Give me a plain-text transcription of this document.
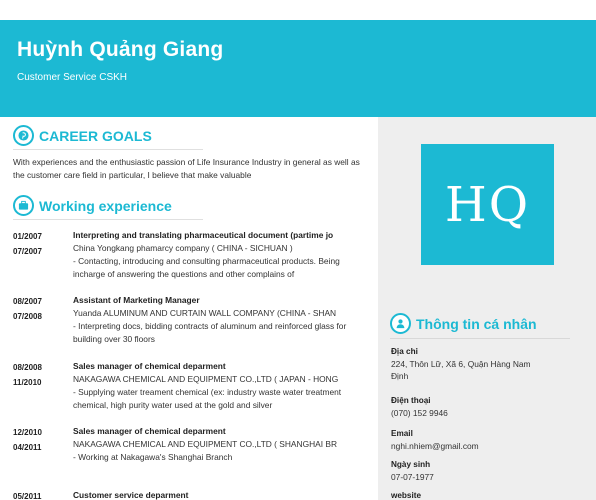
Huỳnh Quảng Giang
Customer Service CSKH
HQ
CAREER GOALS
With experiences and the enthusiastic passion of Life Insurance Industry in general as well as the customer care field in particular, I believe that make valuable
Working experience
01/2007
07/2007
Interpreting and translating pharmaceutical document (partime jo
China Yongkang phamarcy company ( CHINA - SICHUAN )
- Contacting, introducing and consulting pharmaceutical products. Being incharge of answering the questions and other complains of
08/2007
07/2008
Assistant of Marketing Manager
Yuanda ALUMINUM AND CURTAIN WALL COMPANY (CHINA - SHAN
- Interpreting docs, bidding contracts of aluminum and reinforced glass for building over 30 floors
08/2008
11/2010
Sales manager of chemical deparment
NAKAGAWA CHEMICAL AND EQUIPMENT CO.,LTD ( JAPAN - HONG
- Supplying water treament chemical (ex: industry waste water treatment chemical, high purity water used at the gold and silver
12/2010
04/2011
Sales manager of chemical deparment
NAKAGAWA CHEMICAL AND EQUIPMENT CO.,LTD ( SHANGHAI BR
- Working at Nakagawa's Shanghai Branch
05/2011	Customer service deparment
Thông tin cá nhân
Địa chỉ
224, Thôn Lữ, Xã 6, Quận Hàng Nam Định
Điện thoại
(070) 152 9946
Email
nghi.nhiem@gmail.com
Ngày sinh
07-07-1977
website
